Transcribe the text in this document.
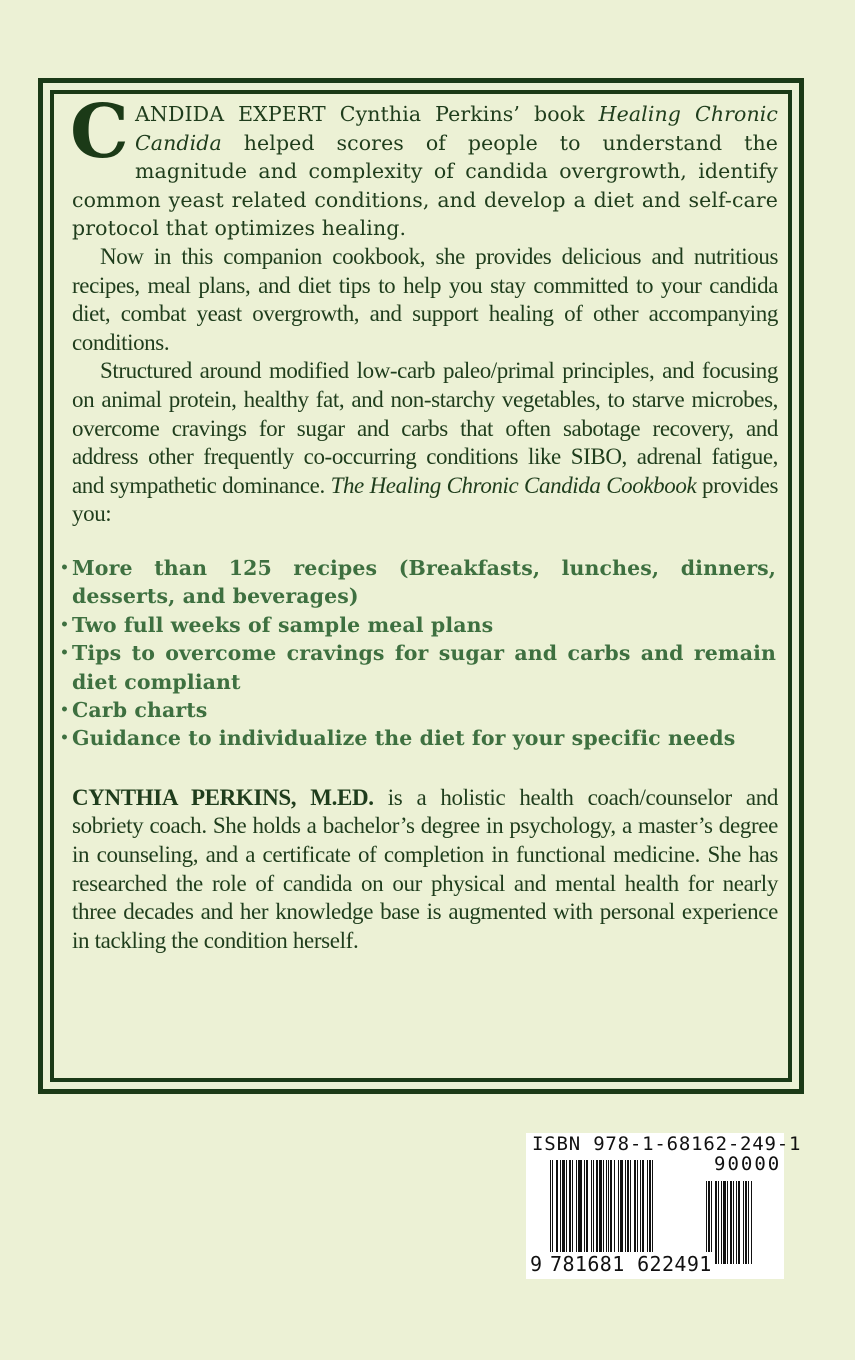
CANDIDA EXPERT Cynthia Perkins’ book Healing Chronic Candida helped scores of people to understand the magnitude and complexity of candida overgrowth, identify common yeast related conditions, and develop a diet and self-care protocol that optimizes healing.

Now in this companion cookbook, she provides delicious and nutritious recipes, meal plans, and diet tips to help you stay committed to your candida diet, combat yeast overgrowth, and support healing of other accompanying conditions.

Structured around modified low-carb paleo/primal principles, and focusing on animal protein, healthy fat, and non-starchy vegetables, to starve microbes, overcome cravings for sugar and carbs that often sabotage recovery, and address other frequently co-occurring conditions like SIBO, adrenal fatigue, and sympathetic dominance. The Healing Chronic Candida Cookbook provides you:

• More than 125 recipes (Breakfasts, lunches, dinners, desserts, and beverages)
• Two full weeks of sample meal plans
• Tips to overcome cravings for sugar and carbs and remain diet compliant
• Carb charts
• Guidance to individualize the diet for your specific needs

CYNTHIA PERKINS, M.ED. is a holistic health coach/counselor and sobriety coach. She holds a bachelor’s degree in psychology, a master’s degree in counseling, and a certificate of completion in functional medicine. She has researched the role of candida on our physical and mental health for nearly three decades and her knowledge base is augmented with personal experience in tackling the condition herself.

ISBN 978-1-68162-249-1
90000
9 781681 622491
